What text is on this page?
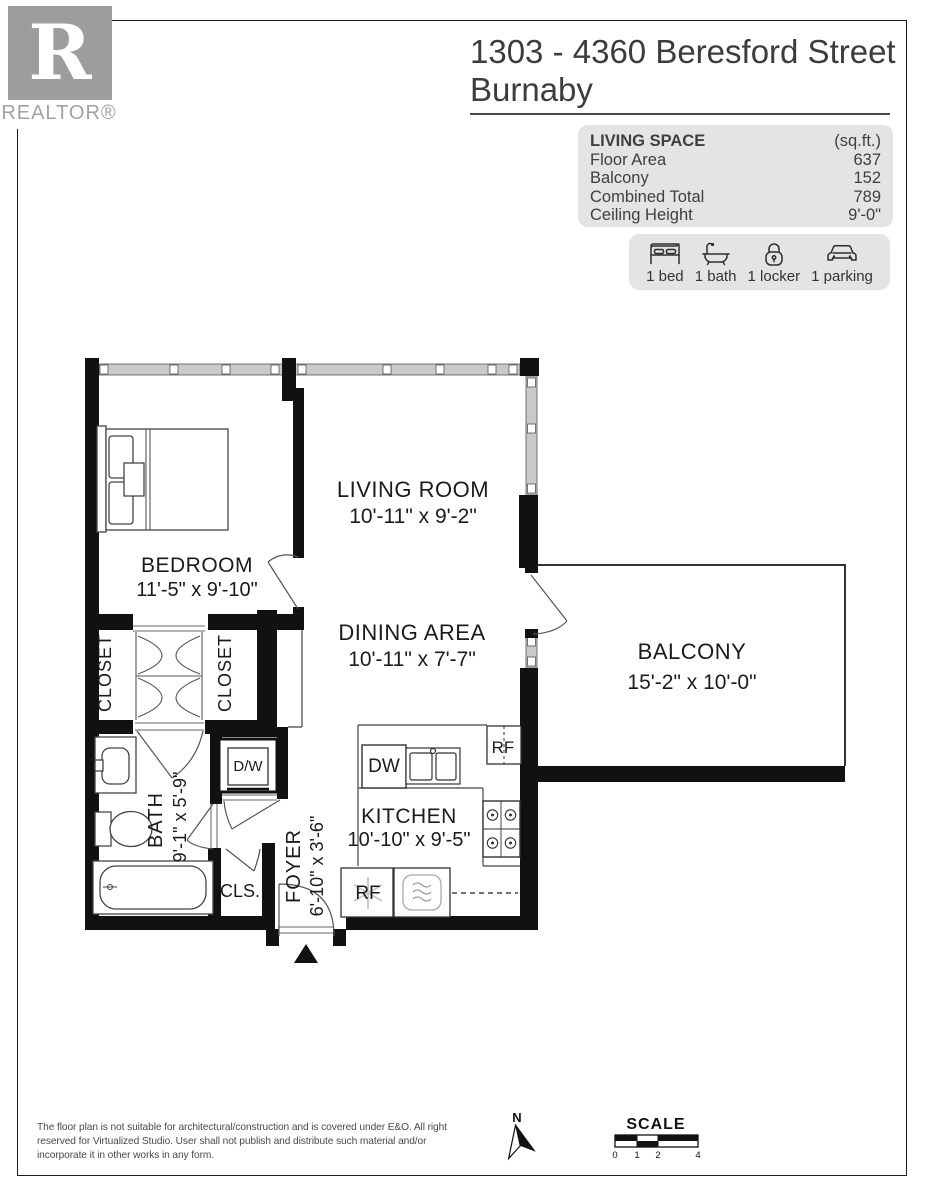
R
REALTOR®
1303 - 4360 Beresford Street
Burnaby
LIVING SPACE	(sq.ft.)
Floor Area	637
Balcony	152
Combined Total	789
Ceiling Height	9'-0"
1 bed 1 bath 1 locker 1 parking
BEDROOM
11'-5" x 9'-10"
LIVING ROOM
10'-11" x 9'-2"
DINING AREA
10'-11" x 7'-7"	BALCONY
15'-2" x 10'-0"
KITCHEN
10'-10" x 9'-5"
CLOSET	CLOSET
BATH 9'-1" x 5'-9"
FOYER 6'-10" x 3'-6"
CLS.
D/W	DW
RF
RF
N	SCALE
0 1 2	4
The floor plan is not suitable for architectural/construction and is covered under E&O. All right reserved for Virtualized Studio. User shall not publish and distribute such material and/or incorporate it in other works in any form.
